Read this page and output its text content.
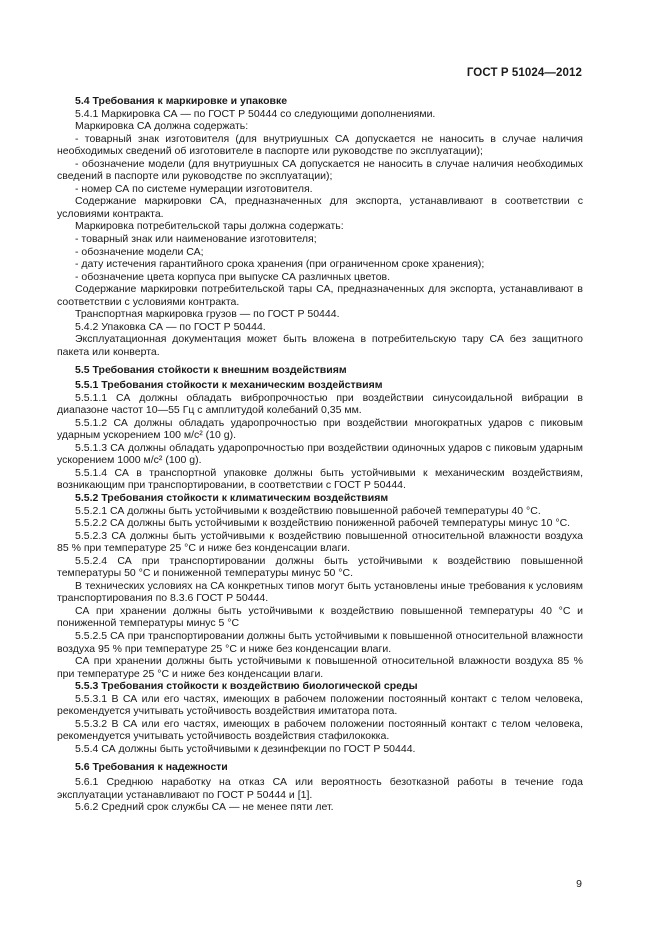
ГОСТ Р 51024—2012

5.4 Требования к маркировке и упаковке

5.4.1 Маркировка СА — по ГОСТ Р 50444 со следующими дополнениями.

Маркировка СА должна содержать:

- товарный знак изготовителя (для внутриушных СА допускается не наносить в случае наличия необходимых сведений об изготовителе в паспорте или руководстве по эксплуатации);

- обозначение модели (для внутриушных СА допускается не наносить в случае наличия необходимых сведений в паспорте или руководстве по эксплуатации);

- номер СА по системе нумерации изготовителя.

Содержание маркировки СА, предназначенных для экспорта, устанавливают в соответствии с условиями контракта.

Маркировка потребительской тары должна содержать:

- товарный знак или наименование изготовителя;

- обозначение модели СА;

- дату истечения гарантийного срока хранения (при ограниченном сроке хранения);

- обозначение цвета корпуса при выпуске СА различных цветов.

Содержание маркировки потребительской тары СА, предназначенных для экспорта, устанавливают в соответствии с условиями контракта.

Транспортная маркировка грузов — по ГОСТ Р 50444.

5.4.2 Упаковка СА — по ГОСТ Р 50444.

Эксплуатационная документация может быть вложена в потребительскую тару СА без защитного пакета или конверта.

5.5 Требования стойкости к внешним воздействиям

5.5.1 Требования стойкости к механическим воздействиям

5.5.1.1 СА должны обладать вибропрочностью при воздействии синусоидальной вибрации в диапазоне частот 10—55 Гц с амплитудой колебаний 0,35 мм.

5.5.1.2 СА должны обладать ударопрочностью при воздействии многократных ударов с пиковым ударным ускорением 100 м/с² (10 g).

5.5.1.3 СА должны обладать ударопрочностью при воздействии одиночных ударов с пиковым ударным ускорением 1000 м/с² (100 g).

5.5.1.4 СА в транспортной упаковке должны быть устойчивыми к механическим воздействиям, возникающим при транспортировании, в соответствии с ГОСТ Р 50444.

5.5.2 Требования стойкости к климатическим воздействиям

5.5.2.1 СА должны быть устойчивыми к воздействию повышенной рабочей температуры 40 °С.

5.5.2.2 СА должны быть устойчивыми к воздействию пониженной рабочей температуры минус 10 °С.

5.5.2.3 СА должны быть устойчивыми к воздействию повышенной относительной влажности воздуха 85 % при температуре 25 °С и ниже без конденсации влаги.

5.5.2.4 СА при транспортировании должны быть устойчивыми к воздействию повышенной температуры 50 °С и пониженной температуры минус 50 °С.

В технических условиях на СА конкретных типов могут быть установлены иные требования к условиям транспортирования по 8.3.6 ГОСТ Р 50444.

СА при хранении должны быть устойчивыми к воздействию повышенной температуры 40 °С и пониженной температуры минус 5 °С

5.5.2.5 СА при транспортировании должны быть устойчивыми к повышенной относительной влажности воздуха 95 % при температуре 25 °С и ниже без конденсации влаги.

СА при хранении должны быть устойчивыми к повышенной относительной влажности воздуха 85 % при температуре 25 °С и ниже без конденсации влаги.

5.5.3 Требования стойкости к воздействию биологической среды

5.5.3.1 В СА или его частях, имеющих в рабочем положении постоянный контакт с телом человека, рекомендуется учитывать устойчивость воздействия имитатора пота.

5.5.3.2 В СА или его частях, имеющих в рабочем положении постоянный контакт с телом человека, рекомендуется учитывать устойчивость воздействия стафилококка.

5.5.4 СА должны быть устойчивыми к дезинфекции по ГОСТ Р 50444.

5.6 Требования к надежности

5.6.1 Среднюю наработку на отказ СА или вероятность безотказной работы в течение года эксплуатации устанавливают по ГОСТ Р 50444 и [1].

5.6.2 Средний срок службы СА — не менее пяти лет.

9
